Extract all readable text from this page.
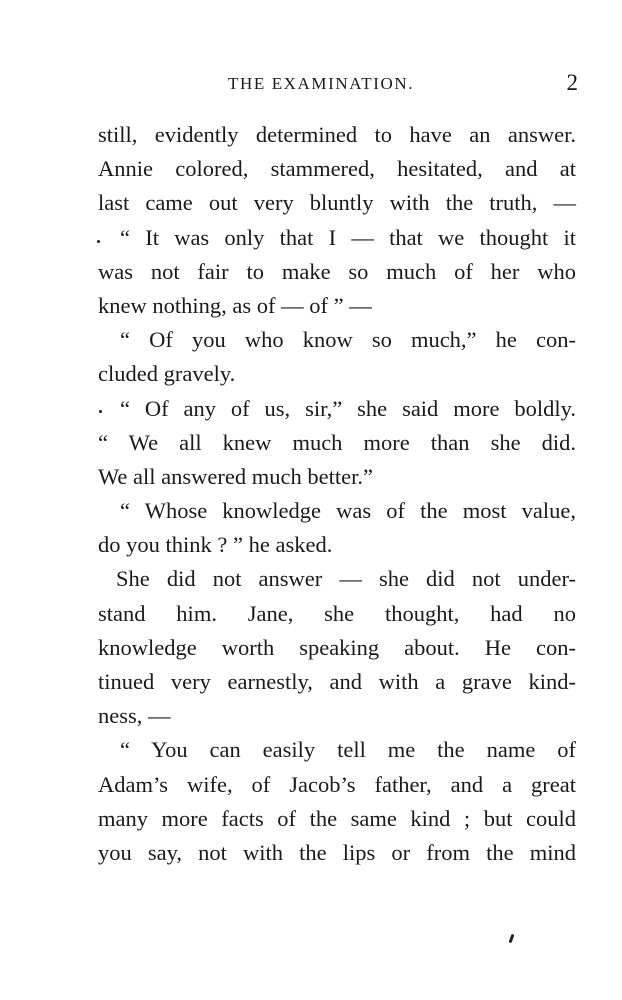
THE EXAMINATION.	2
still, evidently determined to have an answer.
Annie colored, stammered, hesitated, and at
last came out very bluntly with the truth, —
“ It was only that I — that we thought it
was not fair to make so much of her who
knew nothing, as of — of ” —
“ Of you who know so much,” he con-
cluded gravely.
“ Of any of us, sir,” she said more boldly.
“ We all knew much more than she did.
We all answered much better.”
“ Whose knowledge was of the most value,
do you think ? ” he asked.
She did not answer — she did not under-
stand him. Jane, she thought, had no
knowledge worth speaking about. He con-
tinued very earnestly, and with a grave kind-
ness, —
“ You can easily tell me the name of
Adam’s wife, of Jacob’s father, and a great
many more facts of the same kind ; but could
you say, not with the lips or from the mind
